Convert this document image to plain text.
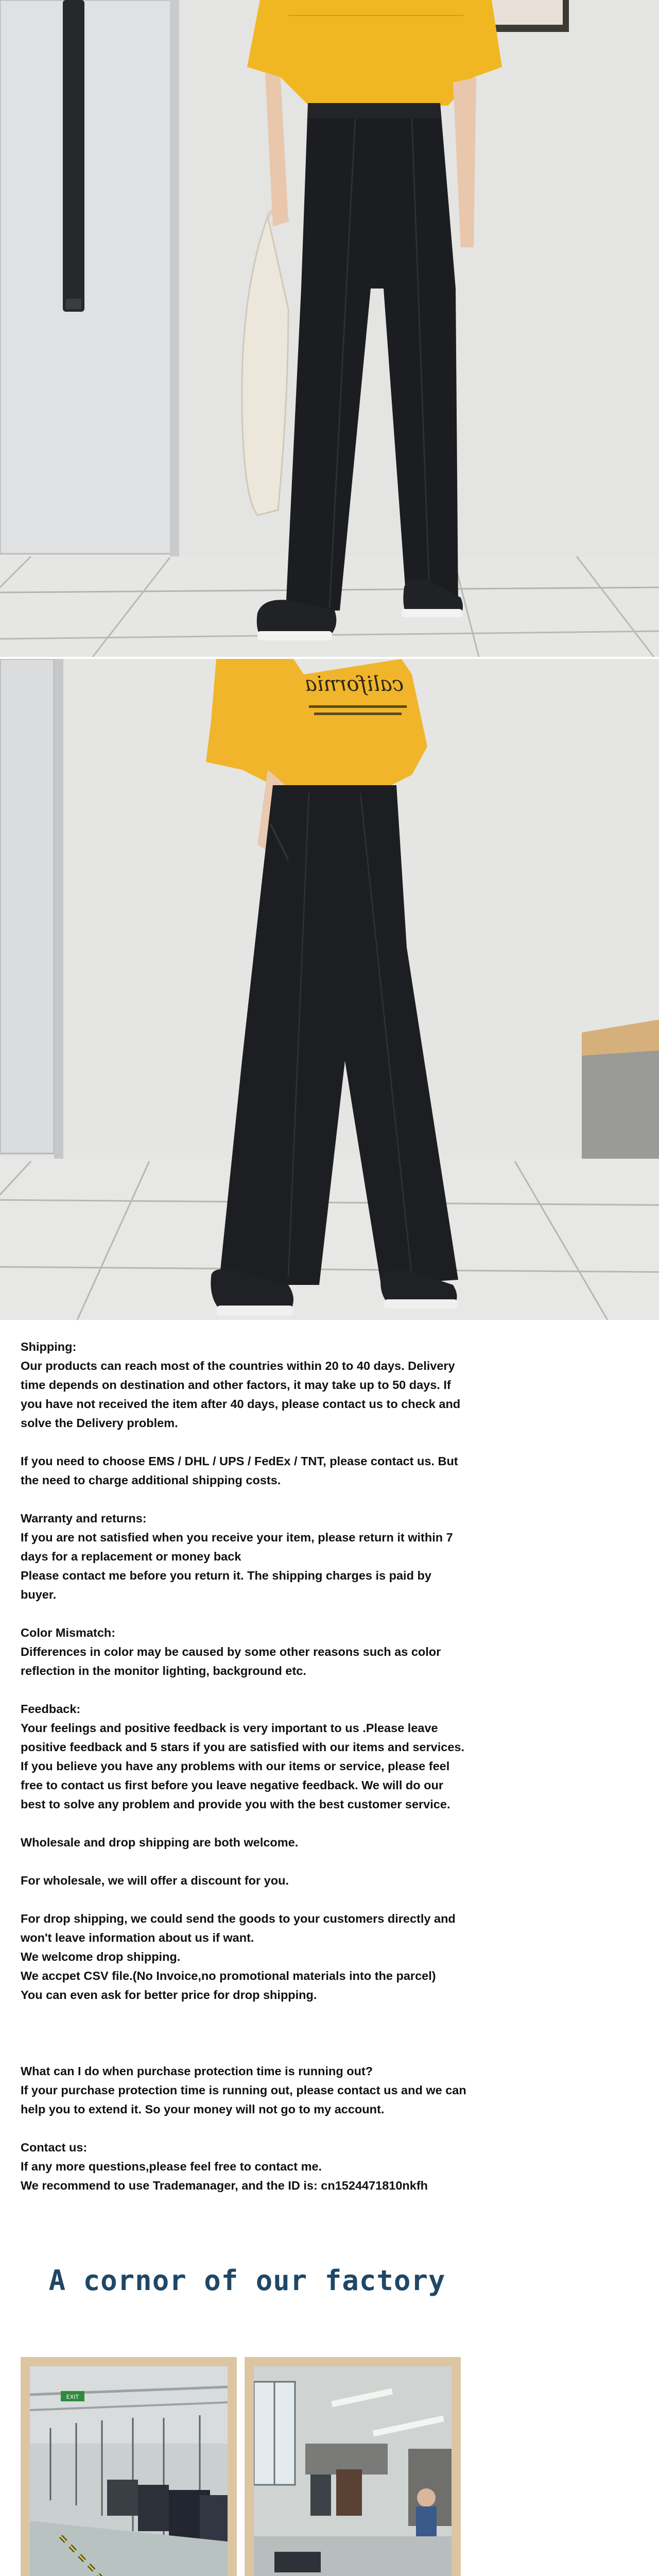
california

Shipping:

Our products can reach most of the countries within 20 to 40 days. Delivery
time depends on destination and other factors, it may take up to 50 days. If
you have not received the item after 40 days, please contact us to check and
solve the Delivery problem.

If you need to choose EMS / DHL / UPS / FedEx / TNT, please contact us. But
the need to charge additional shipping costs.

Warranty and returns:

If you are not satisfied when you receive your item, please return it within 7
days for a replacement or money back
Please contact me before you return it. The shipping charges is paid by
buyer.

Color Mismatch:

Differences in color may be caused by some other reasons such as color
reflection in the monitor lighting, background etc.

Feedback:

Your feelings and positive feedback is very important to us .Please leave
positive feedback and 5 stars if you are satisfied with our items and services.
If you believe you have any problems with our items or service, please feel
free to contact us first before you leave negative feedback. We will do our
best to solve any problem and provide you with the best customer service.

Wholesale and drop shipping are both welcome.

For wholesale, we will offer a discount for you.

For drop shipping, we could send the goods to your customers directly and
won't leave information about us if want.
We welcome drop shipping.
We accpet CSV file.(No Invoice,no promotional materials into the parcel)
You can even ask for better price for drop shipping.

What can I do when purchase protection time is running out?

If your purchase protection time is running out, please contact us and we can
help you to extend it. So your money will not go to my account.

Contact us:

If any more questions,please feel free to contact me.
We recommend to use Trademanager, and the ID is: cn1524471810nkfh

A cornor of our factory
EXIT
